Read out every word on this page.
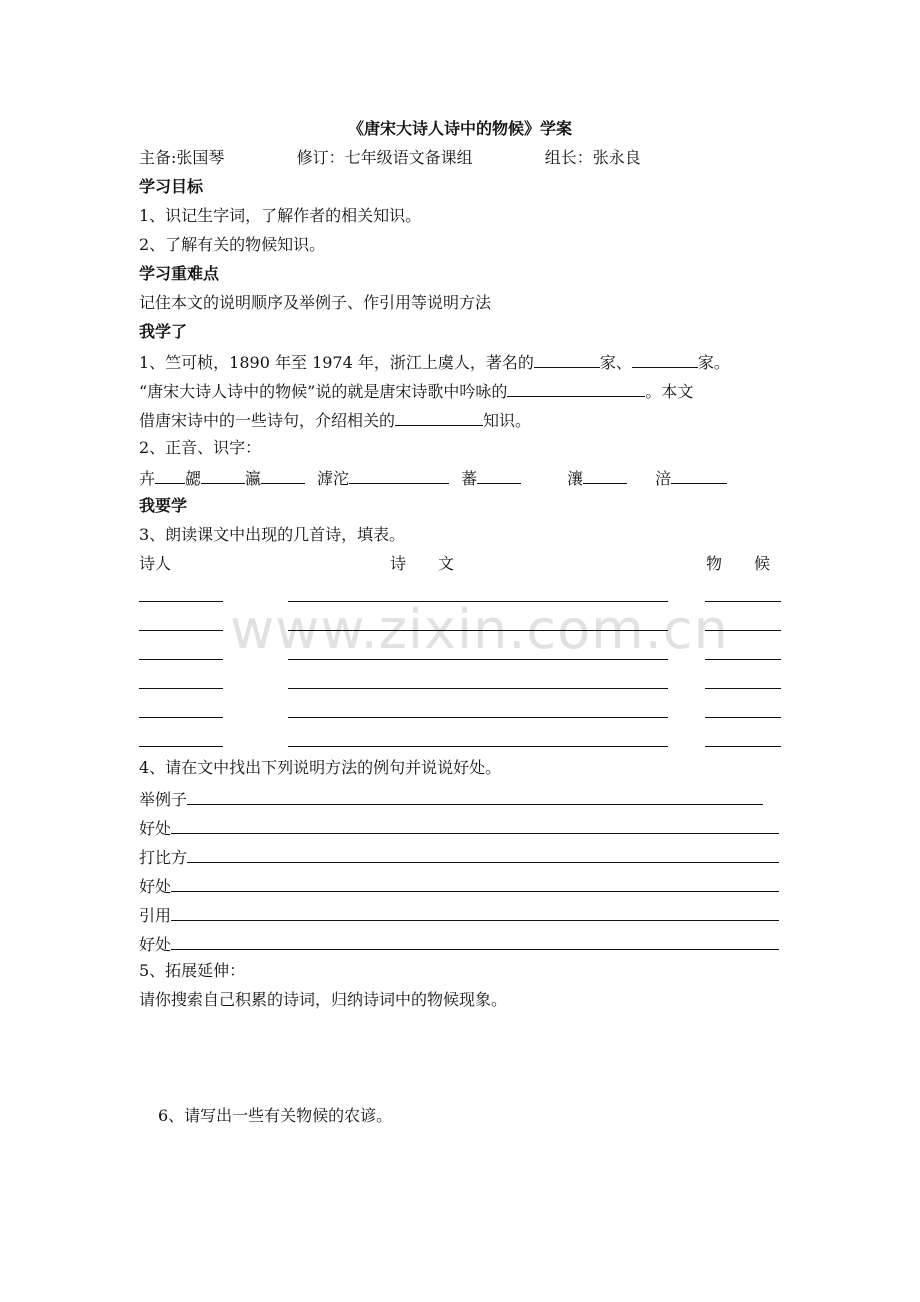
www.zixin.com.cn
《唐宋大诗人诗中的物候》学案
主备:张国琴	修订：七年级语文备课组	组长：张永良
学习目标
1、识记生字词，了解作者的相关知识。
2、了解有关的物候知识。
学习重难点
记住本文的说明顺序及举例子、作引用等说明方法
我学了
1、竺可桢，1890 年至 1974 年，浙江上虞人，著名的	家、	家。
“唐宋大诗人诗中的物候”说的就是唐宋诗歌中吟咏的	。本文
借唐宋诗中的一些诗句，介绍相关的	知识。
2、正音、识字：
卉 勰	瀛	滹沱	蕃	瀼	涪
我要学
3、朗读课文中出现的几首诗，填表。
诗人	诗　　文	物　　候
4、请在文中找出下列说明方法的例句并说说好处。
举例子
好处
打比方
好处
引用
好处
5、拓展延伸：
请你搜索自己积累的诗词，归纳诗词中的物候现象。
6、请写出一些有关物候的农谚。
